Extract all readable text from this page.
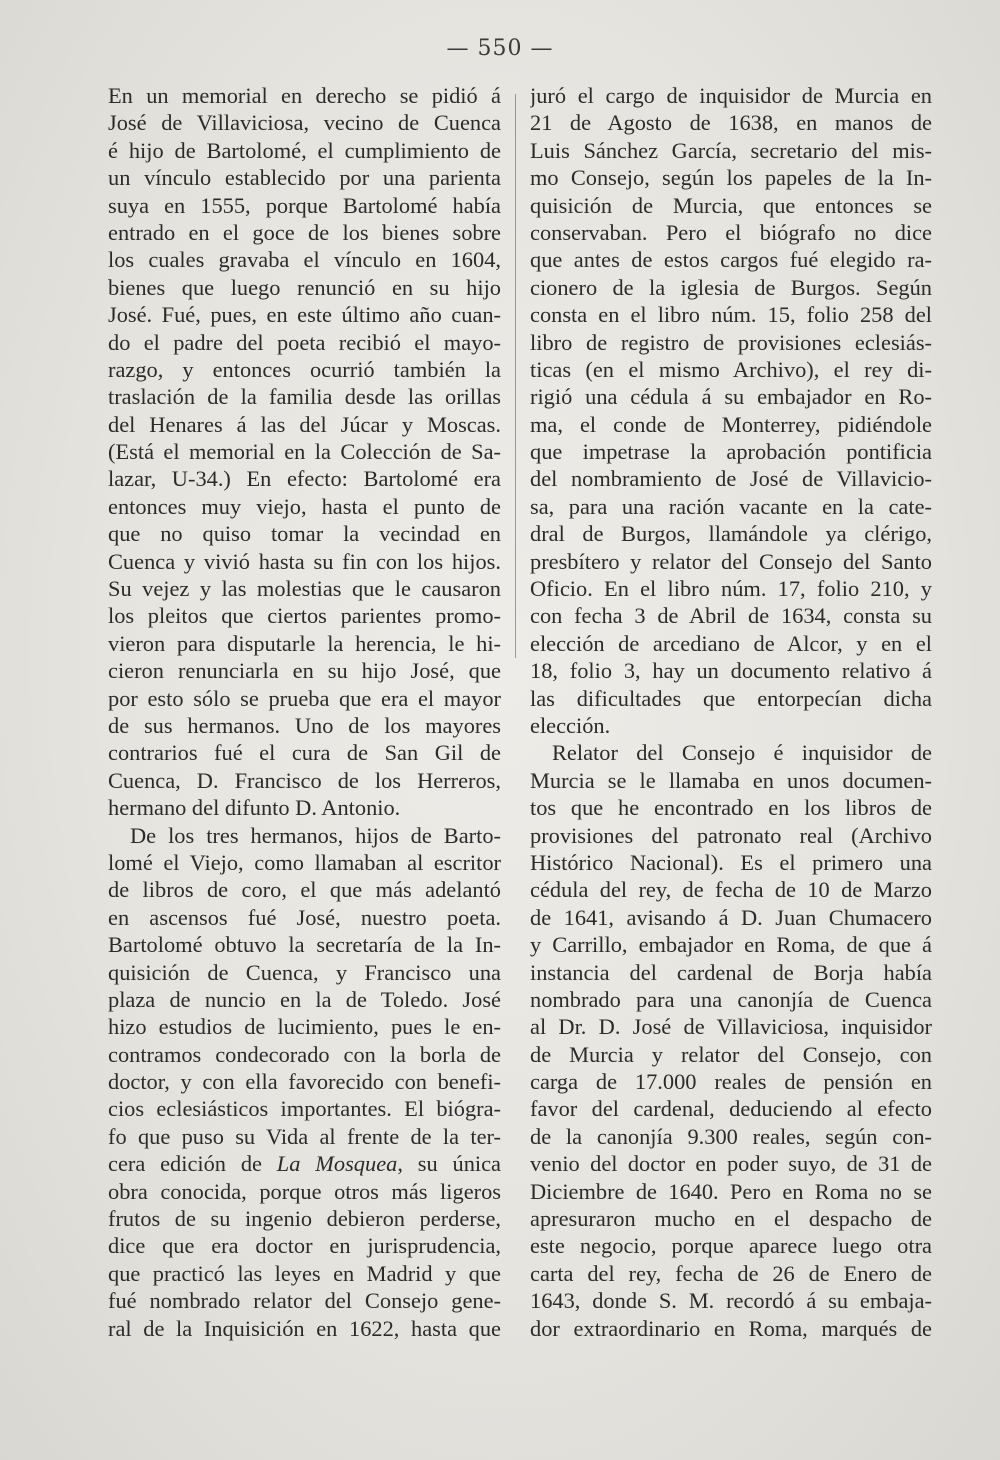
— 550 —
En un memorial en derecho se pidió á
José de Villaviciosa, vecino de Cuenca
é hijo de Bartolomé, el cumplimiento de
un vínculo establecido por una parienta
suya en 1555, porque Bartolomé había
entrado en el goce de los bienes sobre
los cuales gravaba el vínculo en 1604,
bienes que luego renunció en su hijo
José. Fué, pues, en este último año cuan-
do el padre del poeta recibió el mayo-
razgo, y entonces ocurrió también la
traslación de la familia desde las orillas
del Henares á las del Júcar y Moscas.
(Está el memorial en la Colección de Sa-
lazar, U-34.) En efecto: Bartolomé era
entonces muy viejo, hasta el punto de
que no quiso tomar la vecindad en
Cuenca y vivió hasta su fin con los hijos.
Su vejez y las molestias que le causaron
los pleitos que ciertos parientes promo-
vieron para disputarle la herencia, le hi-
cieron renunciarla en su hijo José, que
por esto sólo se prueba que era el mayor
de sus hermanos. Uno de los mayores
contrarios fué el cura de San Gil de
Cuenca, D. Francisco de los Herreros,
hermano del difunto D. Antonio.
De los tres hermanos, hijos de Barto-
lomé el Viejo, como llamaban al escritor
de libros de coro, el que más adelantó
en ascensos fué José, nuestro poeta.
Bartolomé obtuvo la secretaría de la In-
quisición de Cuenca, y Francisco una
plaza de nuncio en la de Toledo. José
hizo estudios de lucimiento, pues le en-
contramos condecorado con la borla de
doctor, y con ella favorecido con benefi-
cios eclesiásticos importantes. El biógra-
fo que puso su Vida al frente de la ter-
cera edición de La Mosquea, su única
obra conocida, porque otros más ligeros
frutos de su ingenio debieron perderse,
dice que era doctor en jurisprudencia,
que practicó las leyes en Madrid y que
fué nombrado relator del Consejo gene-
ral de la Inquisición en 1622, hasta que
juró el cargo de inquisidor de Murcia en
21 de Agosto de 1638, en manos de
Luis Sánchez García, secretario del mis-
mo Consejo, según los papeles de la In-
quisición de Murcia, que entonces se
conservaban. Pero el biógrafo no dice
que antes de estos cargos fué elegido ra-
cionero de la iglesia de Burgos. Según
consta en el libro núm. 15, folio 258 del
libro de registro de provisiones eclesiás-
ticas (en el mismo Archivo), el rey di-
rigió una cédula á su embajador en Ro-
ma, el conde de Monterrey, pidiéndole
que impetrase la aprobación pontificia
del nombramiento de José de Villavicio-
sa, para una ración vacante en la cate-
dral de Burgos, llamándole ya clérigo,
presbítero y relator del Consejo del Santo
Oficio. En el libro núm. 17, folio 210, y
con fecha 3 de Abril de 1634, consta su
elección de arcediano de Alcor, y en el
18, folio 3, hay un documento relativo á
las dificultades que entorpecían dicha
elección.
Relator del Consejo é inquisidor de
Murcia se le llamaba en unos documen-
tos que he encontrado en los libros de
provisiones del patronato real (Archivo
Histórico Nacional). Es el primero una
cédula del rey, de fecha de 10 de Marzo
de 1641, avisando á D. Juan Chumacero
y Carrillo, embajador en Roma, de que á
instancia del cardenal de Borja había
nombrado para una canonjía de Cuenca
al Dr. D. José de Villaviciosa, inquisidor
de Murcia y relator del Consejo, con
carga de 17.000 reales de pensión en
favor del cardenal, deduciendo al efecto
de la canonjía 9.300 reales, según con-
venio del doctor en poder suyo, de 31 de
Diciembre de 1640. Pero en Roma no se
apresuraron mucho en el despacho de
este negocio, porque aparece luego otra
carta del rey, fecha de 26 de Enero de
1643, donde S. M. recordó á su embaja-
dor extraordinario en Roma, marqués de
